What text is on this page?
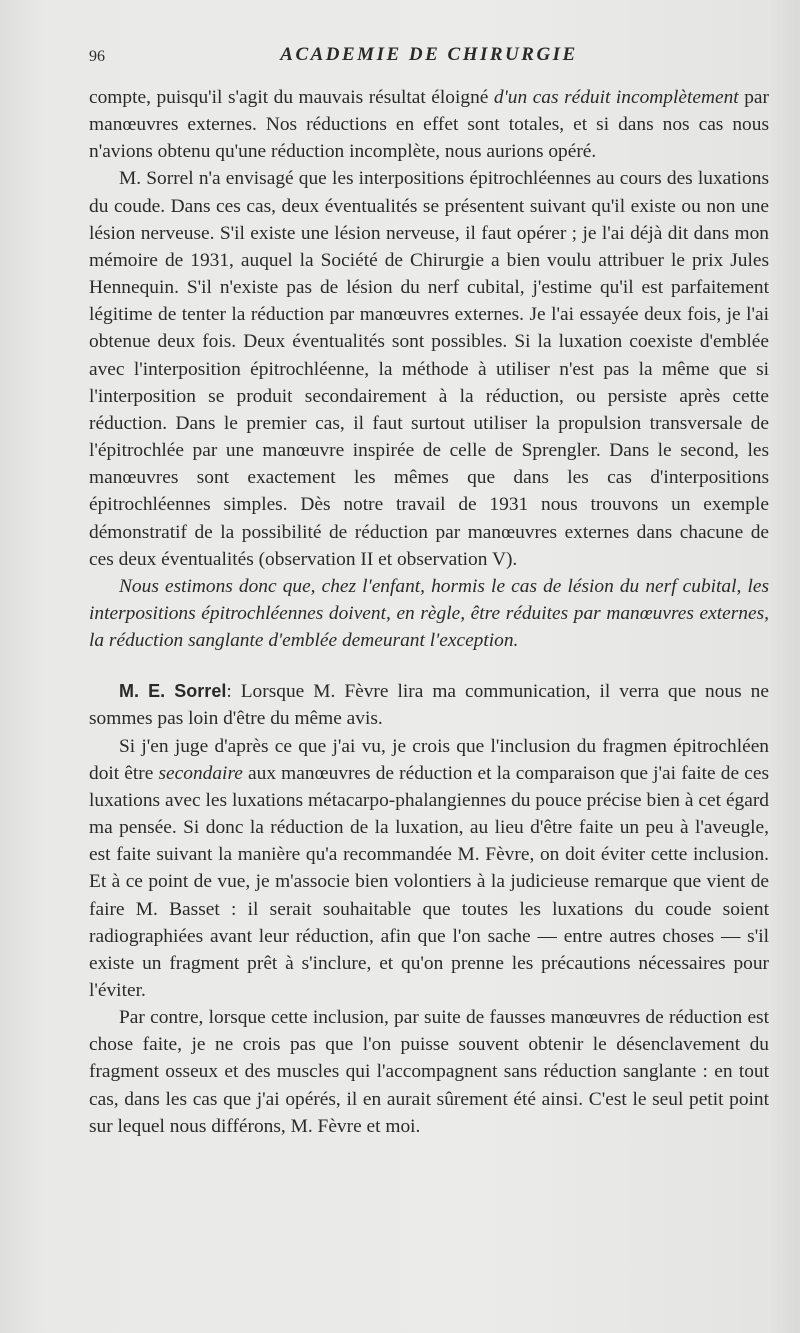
96	ACADEMIE DE CHIRURGIE

compte, puisqu'il s'agit du mauvais résultat éloigné d'un cas réduit incomplètement par manœuvres externes. Nos réductions en effet sont totales, et si dans nos cas nous n'avions obtenu qu'une réduction incomplète, nous aurions opéré.

M. Sorrel n'a envisagé que les interpositions épitrochléennes au cours des luxations du coude. Dans ces cas, deux éventualités se présentent suivant qu'il existe ou non une lésion nerveuse. S'il existe une lésion nerveuse, il faut opérer ; je l'ai déjà dit dans mon mémoire de 1931, auquel la Société de Chirurgie a bien voulu attribuer le prix Jules Hennequin. S'il n'existe pas de lésion du nerf cubital, j'estime qu'il est parfaitement légitime de tenter la réduction par manœuvres externes. Je l'ai essayée deux fois, je l'ai obtenue deux fois. Deux éventualités sont possibles. Si la luxation coexiste d'emblée avec l'interposition épitrochléenne, la méthode à utiliser n'est pas la même que si l'interposition se produit secondairement à la réduction, ou persiste après cette réduction. Dans le premier cas, il faut surtout utiliser la propulsion transversale de l'épitrochlée par une manœuvre inspirée de celle de Sprengler. Dans le second, les manœuvres sont exactement les mêmes que dans les cas d'interpositions épitrochléennes simples. Dès notre travail de 1931 nous trouvons un exemple démonstratif de la possibilité de réduction par manœuvres externes dans chacune de ces deux éventualités (observation II et observation V).

Nous estimons donc que, chez l'enfant, hormis le cas de lésion du nerf cubital, les interpositions épitrochléennes doivent, en règle, être réduites par manœuvres externes, la réduction sanglante d'emblée demeurant l'exception.

M. E. Sorrel: Lorsque M. Fèvre lira ma communication, il verra que nous ne sommes pas loin d'être du même avis.

Si j'en juge d'après ce que j'ai vu, je crois que l'inclusion du fragmen épitrochléen doit être secondaire aux manœuvres de réduction et la comparaison que j'ai faite de ces luxations avec les luxations métacarpo-phalangiennes du pouce précise bien à cet égard ma pensée. Si donc la réduction de la luxation, au lieu d'être faite un peu à l'aveugle, est faite suivant la manière qu'a recommandée M. Fèvre, on doit éviter cette inclusion. Et à ce point de vue, je m'associe bien volontiers à la judicieuse remarque que vient de faire M. Basset : il serait souhaitable que toutes les luxations du coude soient radiographiées avant leur réduction, afin que l'on sache — entre autres choses — s'il existe un fragment prêt à s'inclure, et qu'on prenne les précautions nécessaires pour l'éviter.

Par contre, lorsque cette inclusion, par suite de fausses manœuvres de réduction est chose faite, je ne crois pas que l'on puisse souvent obtenir le désenclavement du fragment osseux et des muscles qui l'accompagnent sans réduction sanglante : en tout cas, dans les cas que j'ai opérés, il en aurait sûrement été ainsi. C'est le seul petit point sur lequel nous différons, M. Fèvre et moi.
